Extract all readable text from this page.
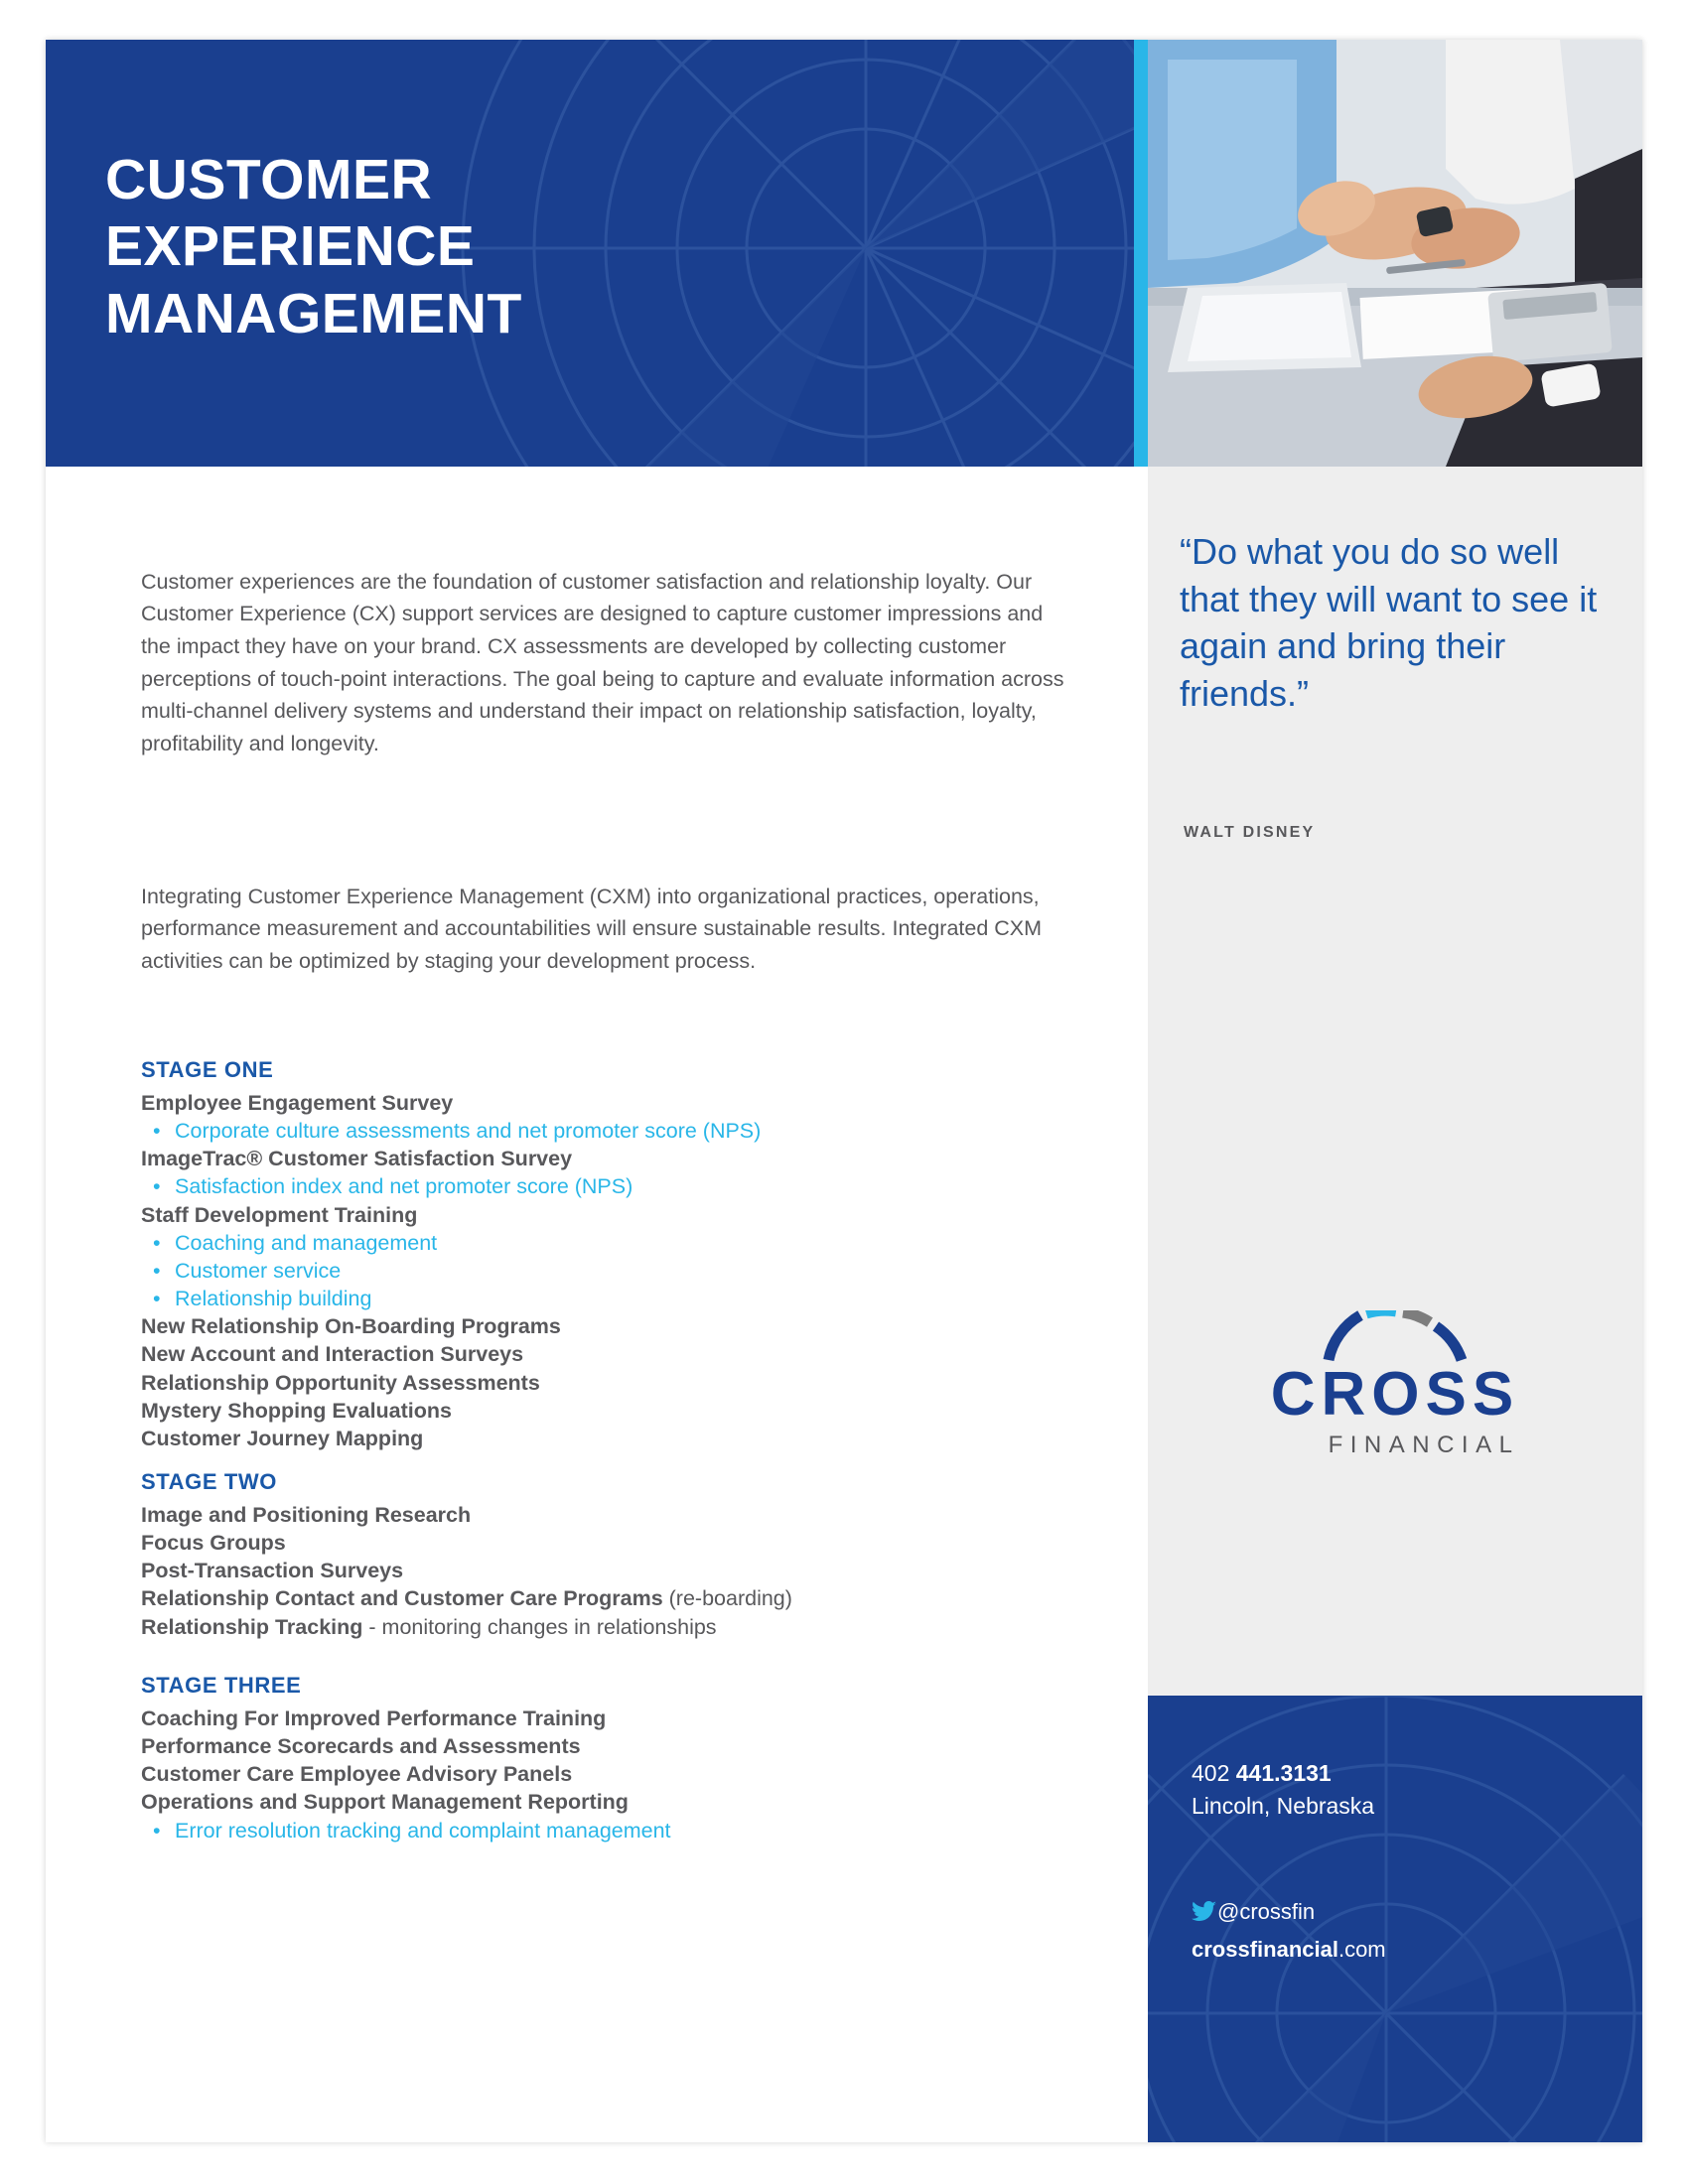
CUSTOMER
EXPERIENCE
MANAGEMENT

Customer experiences are the foundation of customer satisfaction and relationship loyalty. Our Customer Experience (CX) support services are designed to capture customer impressions and the impact they have on your brand. CX assessments are developed by collecting customer perceptions of touch-point interactions. The goal being to capture and evaluate information across multi-channel delivery systems and understand their impact on relationship satisfaction, loyalty, profitability and longevity.

Integrating Customer Experience Management (CXM) into organizational practices, operations, performance measurement and accountabilities will ensure sustainable results. Integrated CXM activities can be optimized by staging your development process.

STAGE ONE
Employee Engagement Survey
• Corporate culture assessments and net promoter score (NPS)
ImageTrac® Customer Satisfaction Survey
• Satisfaction index and net promoter score (NPS)
Staff Development Training
• Coaching and management
• Customer service
• Relationship building
New Relationship On-Boarding Programs
New Account and Interaction Surveys
Relationship Opportunity Assessments
Mystery Shopping Evaluations
Customer Journey Mapping
STAGE TWO
Image and Positioning Research
Focus Groups
Post-Transaction Surveys
Relationship Contact and Customer Care Programs (re-boarding)
Relationship Tracking - monitoring changes in relationships
STAGE THREE
Coaching For Improved Performance Training
Performance Scorecards and Assessments
Customer Care Employee Advisory Panels
Operations and Support Management Reporting
• Error resolution tracking and complaint management
“Do what you do so well that they will want to see it again and bring their friends.”
WALT DISNEY
CROSS
FINANCIAL
402 441.3131
Lincoln, Nebraska
@crossfin
crossfinancial.com
